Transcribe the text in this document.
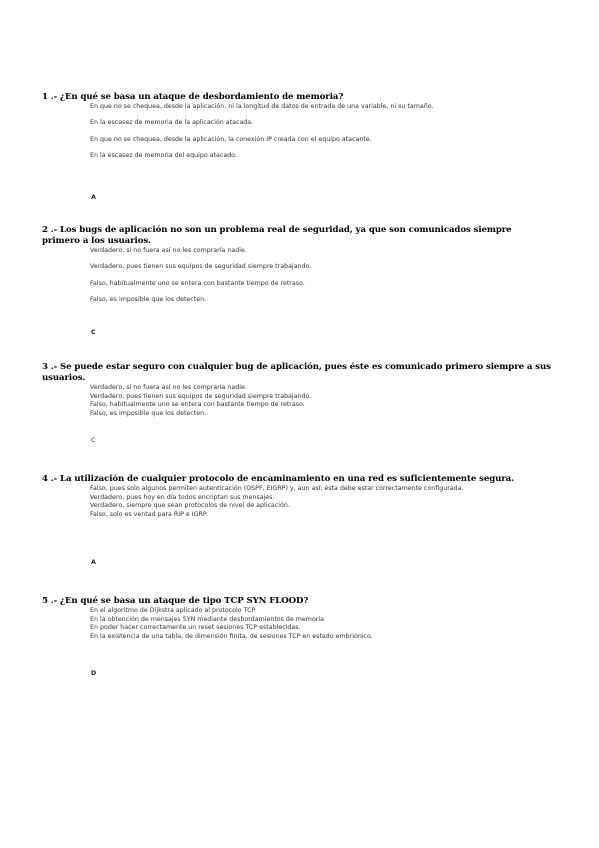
1 .- ¿En qué se basa un ataque de desbordamiento de memoria?

En que no se chequea, desde la aplicación, ni la longitud de datos de entrada de una variable, ni su tamaño.

En la escasez de memoria de la aplicación atacada.

En que no se chequea, desde la aplicación, la conexión IP creada con el equipo atacante.

En la escasez de memoria del equipo atacado.

A

2 .- Los bugs de aplicación no son un problema real de seguridad, ya que son comunicados siempre primero a los usuarios.

Verdadero, si no fuera así no les compraría nadie.

Verdadero, pues tienen sus equipos de seguridad siempre trabajando.

Falso, habitualmente uno se entera con bastante tiempo de retraso.

Falso, es imposible que los detecten.

C

3 .- Se puede estar seguro con cualquier bug de aplicación, pues éste es comunicado primero siempre a sus usuarios.

Verdadero, si no fuera así no les compraría nadie.

Verdadero, pues tienen sus equipos de seguridad siempre trabajando.

Falso, habitualmente uno se entera con bastante tiempo de retraso.

Falso, es imposible que los detecten.

C

4 .- La utilización de cualquier protocolo de encaminamiento en una red es suficientemente segura.

Falso, pues solo algunos permiten autenticación (OSPF, EIGRP) y, aun así, ésta debe estar correctamente configurada.

Verdadero, pues hoy en día todos encriptan sus mensajes.

Verdadero, siempre que sean protocolos de nivel de aplicación.

Falso, solo es ventad para RIP e IGRP.

A

5 .- ¿En qué se basa un ataque de tipo TCP SYN FLOOD?

En el algoritmo de Dijkstra aplicado al protocolo TCP

En la obtención de mensajes SYN mediante desbordamientos de memoria

En poder hacer correctamente un reset sesiones TCP establecidas.

En la existencia de una tabla, de dimensión finita, de sesiones TCP en estado embriónico.

D
